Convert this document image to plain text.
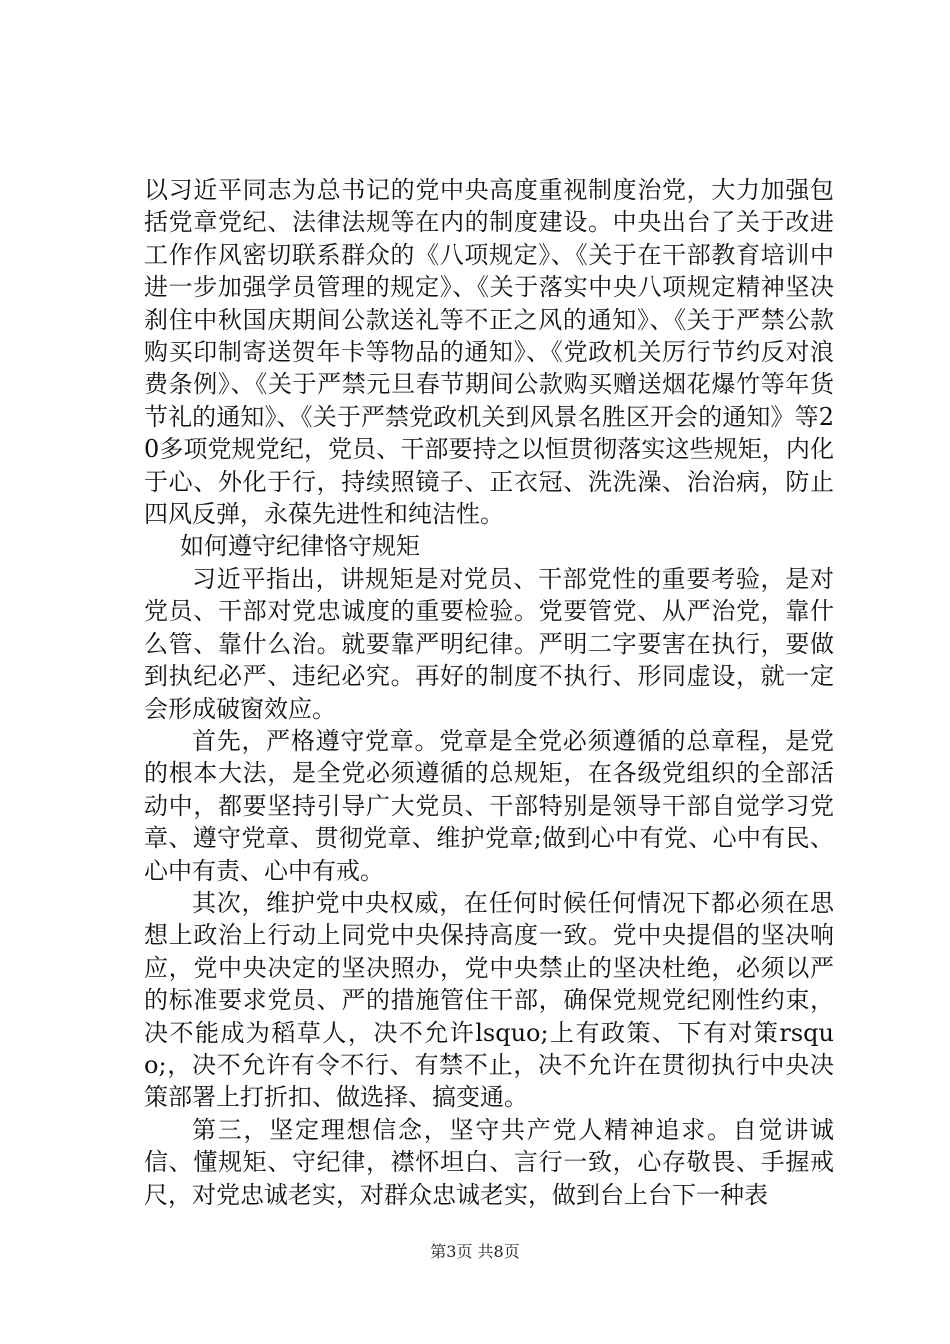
以习近平同志为总书记的党中央高度重视制度治党，大力加强包括党章党纪、法律法规等在内的制度建设。中央出台了关于改进工作作风密切联系群众的《八项规定》、《关于在干部教育培训中进一步加强学员管理的规定》、《关于落实中央八项规定精神坚决刹住中秋国庆期间公款送礼等不正之风的通知》、《关于严禁公款购买印制寄送贺年卡等物品的通知》、《党政机关厉行节约反对浪费条例》、《关于严禁元旦春节期间公款购买赠送烟花爆竹等年货节礼的通知》、《关于严禁党政机关到风景名胜区开会的通知》等20多项党规党纪，党员、干部要持之以恒贯彻落实这些规矩，内化于心、外化于行，持续照镜子、正衣冠、洗洗澡、治治病，防止四风反弹，永葆先进性和纯洁性。

如何遵守纪律恪守规矩

习近平指出，讲规矩是对党员、干部党性的重要考验，是对党员、干部对党忠诚度的重要检验。党要管党、从严治党，靠什么管、靠什么治。就要靠严明纪律。严明二字要害在执行，要做到执纪必严、违纪必究。再好的制度不执行、形同虚设，就一定会形成破窗效应。

首先，严格遵守党章。党章是全党必须遵循的总章程，是党的根本大法，是全党必须遵循的总规矩，在各级党组织的全部活动中，都要坚持引导广大党员、干部特别是领导干部自觉学习党章、遵守党章、贯彻党章、维护党章;做到心中有党、心中有民、心中有责、心中有戒。

其次，维护党中央权威，在任何时候任何情况下都必须在思想上政治上行动上同党中央保持高度一致。党中央提倡的坚决响应，党中央决定的坚决照办，党中央禁止的坚决杜绝，必须以严的标准要求党员、严的措施管住干部，确保党规党纪刚性约束，决不能成为稻草人，决不允许lsquo;上有政策、下有对策rsquo;，决不允许有令不行、有禁不止，决不允许在贯彻执行中央决策部署上打折扣、做选择、搞变通。

第三，坚定理想信念，坚守共产党人精神追求。自觉讲诚信、懂规矩、守纪律，襟怀坦白、言行一致，心存敬畏、手握戒尺，对党忠诚老实，对群众忠诚老实，做到台上台下一种表

第3页 共8页
